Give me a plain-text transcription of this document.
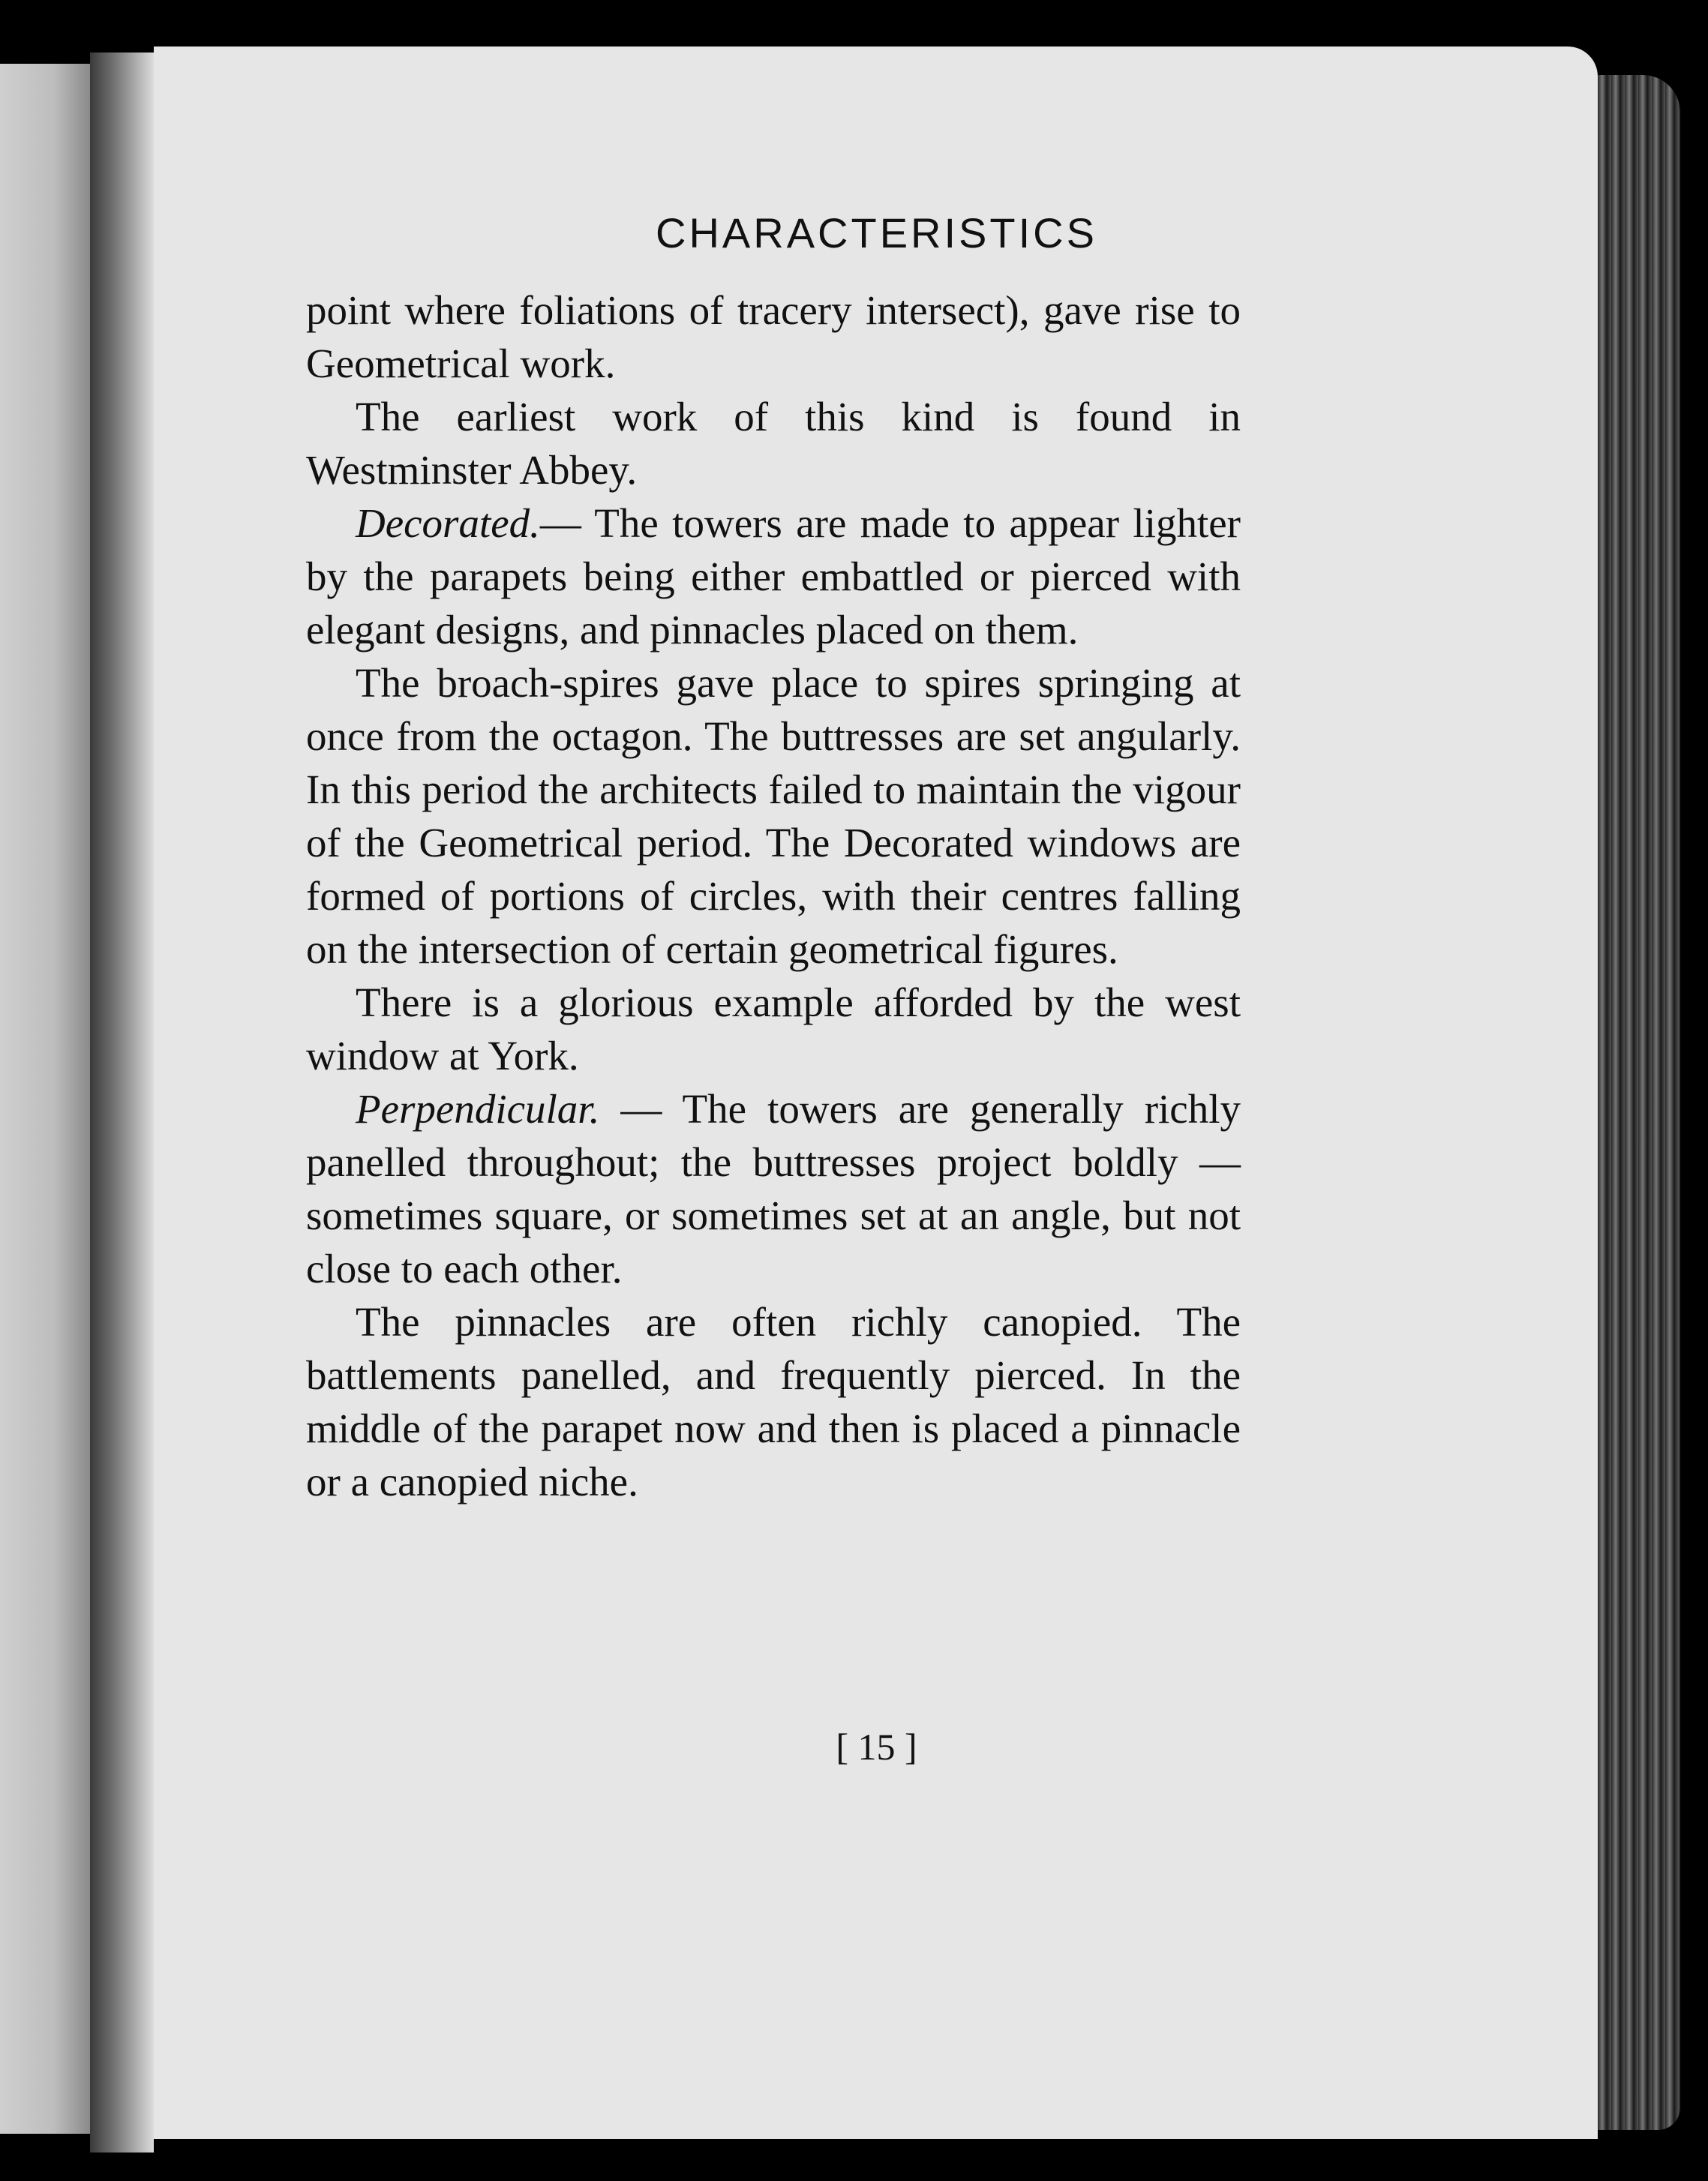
CHARACTERISTICS

point where foliations of tracery intersect), gave rise to Geometrical work.

The earliest work of this kind is found in Westminster Abbey.

Decorated.— The towers are made to appear lighter by the parapets being either embattled or pierced with elegant designs, and pinnacles placed on them.

The broach-spires gave place to spires springing at once from the octagon. The buttresses are set angularly. In this period the architects failed to maintain the vigour of the Geometrical period. The Decorated windows are formed of portions of circles, with their centres falling on the intersection of certain geometrical figures.

There is a glorious example afforded by the west window at York.

Perpendicular. — The towers are generally richly panelled throughout; the buttresses project boldly — sometimes square, or sometimes set at an angle, but not close to each other.

The pinnacles are often richly canopied. The battlements panelled, and frequently pierced. In the middle of the parapet now and then is placed a pinnacle or a canopied niche.

[ 15 ]
